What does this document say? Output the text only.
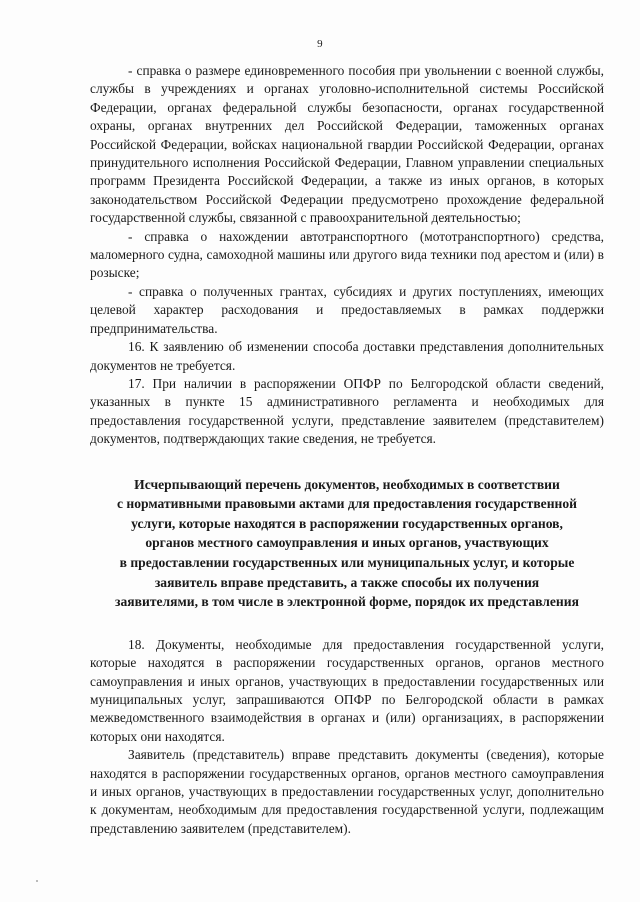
9

- справка о размере единовременного пособия при увольнении с военной службы, службы в учреждениях и органах уголовно-исполнительной системы Российской Федерации, органах федеральной службы безопасности, органах государственной охраны, органах внутренних дел Российской Федерации, таможенных органах Российской Федерации, войсках национальной гвардии Российской Федерации, органах принудительного исполнения Российской Федерации, Главном управлении специальных программ Президента Российской Федерации, а также из иных органов, в которых законодательством Российской Федерации предусмотрено прохождение федеральной государственной службы, связанной с правоохранительной деятельностью;

- справка о нахождении автотранспортного (мототранспортного) средства, маломерного судна, самоходной машины или другого вида техники под арестом и (или) в розыске;

- справка о полученных грантах, субсидиях и других поступлениях, имеющих целевой характер расходования и предоставляемых в рамках поддержки предпринимательства.

16. К заявлению об изменении способа доставки представления дополнительных документов не требуется.

17. При наличии в распоряжении ОПФР по Белгородской области сведений, указанных в пункте 15 административного регламента и необходимых для предоставления государственной услуги, представление заявителем (представителем) документов, подтверждающих такие сведения, не требуется.

Исчерпывающий перечень документов, необходимых в соответствии
с нормативными правовыми актами для предоставления государственной
услуги, которые находятся в распоряжении государственных органов,
органов местного самоуправления и иных органов, участвующих
в предоставлении государственных или муниципальных услуг, и которые
заявитель вправе представить, а также способы их получения
заявителями, в том числе в электронной форме, порядок их представления

18. Документы, необходимые для предоставления государственной услуги, которые находятся в распоряжении государственных органов, органов местного самоуправления и иных органов, участвующих в предоставлении государственных или муниципальных услуг, запрашиваются ОПФР по Белгородской области в рамках межведомственного взаимодействия в органах и (или) организациях, в распоряжении которых они находятся.

Заявитель (представитель) вправе представить документы (сведения), которые находятся в распоряжении государственных органов, органов местного самоуправления и иных органов, участвующих в предоставлении государственных услуг, дополнительно к документам, необходимым для предоставления государственной услуги, подлежащим представлению заявителем (представителем).
